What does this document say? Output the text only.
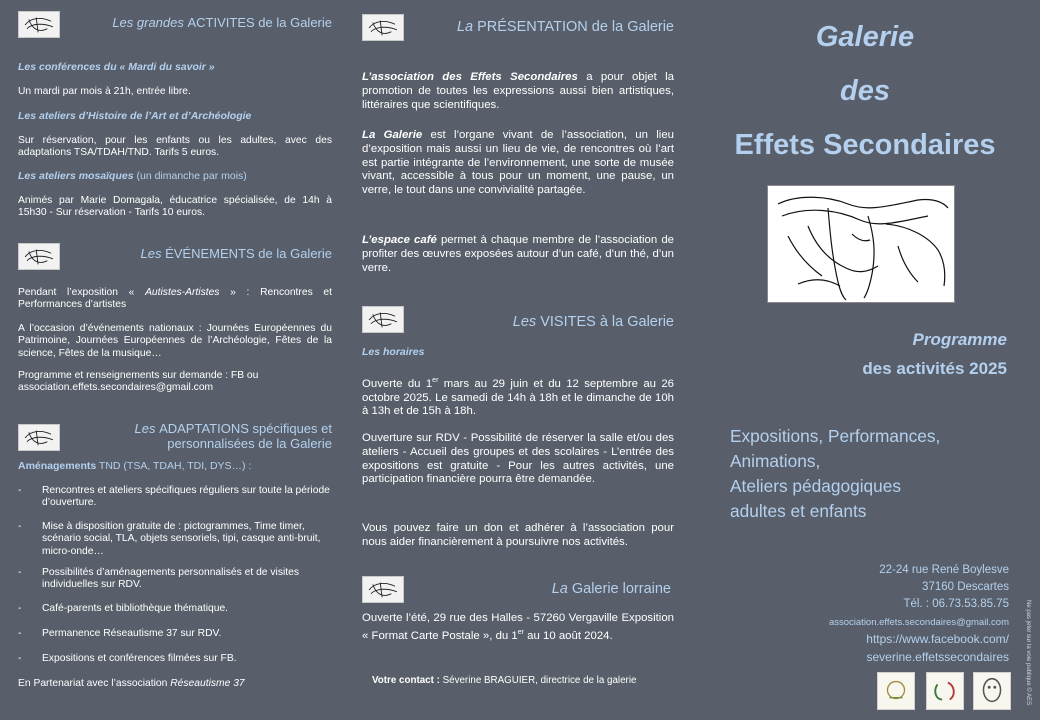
Les grandes ACTIVITES de la Galerie
Les conférences du « Mardi du savoir »
Un mardi par mois à 21h, entrée libre.
Les ateliers d’Histoire de l’Art et d’Archéologie
Sur réservation, pour les enfants ou les adultes, avec des adaptations TSA/TDAH/TND. Tarifs 5 euros.
Les ateliers mosaïques (un dimanche par mois)
Animés par Marie Domagala, éducatrice spécialisée, de 14h à 15h30 - Sur réservation - Tarifs 10 euros.
Les ÉVÉNEMENTS de la Galerie
Pendant l’exposition « Autistes-Artistes » : Rencontres et Performances d’artistes
A l’occasion d’événements nationaux : Journées Européennes du Patrimoine, Journées Européennes de l’Archéologie, Fêtes de la science, Fêtes de la musique…
Programme et renseignements sur demande : FB ou association.effets.secondaires@gmail.com
Les ADAPTATIONS spécifiques et personnalisées de la Galerie
Aménagements TND (TSA, TDAH, TDI, DYS…) :
- Rencontres et ateliers spécifiques réguliers sur toute la période d’ouverture.
- Mise à disposition gratuite de : pictogrammes, Time timer, scénario social, TLA, objets sensoriels, tipi, casque anti-bruit, micro-onde…
- Possibilités d’aménagements personnalisés et de visites individuelles sur RDV.
- Café-parents et bibliothèque thématique.
- Permanence Réseautisme 37 sur RDV.
- Expositions et conférences filmées sur FB.
En Partenariat avec l’association Réseautisme 37
La PRÉSENTATION de la Galerie
L’association des Effets Secondaires a pour objet la promotion de toutes les expressions aussi bien artistiques, littéraires que scientifiques.
La Galerie est l’organe vivant de l’association, un lieu d’exposition mais aussi un lieu de vie, de rencontres où l’art est partie intégrante de l’environnement, une sorte de musée vivant, accessible à tous pour un moment, une pause, un verre, le tout dans une convivialité partagée.
L’espace café permet à chaque membre de l’association de profiter des œuvres exposées autour d’un café, d’un thé, d’un verre.
Les VISITES à la Galerie
Les horaires
Ouverte du 1er mars au 29 juin et du 12 septembre au 26 octobre 2025. Le samedi de 14h à 18h et le dimanche de 10h à 13h et de 15h à 18h.
Ouverture sur RDV - Possibilité de réserver la salle et/ou des ateliers - Accueil des groupes et des scolaires - L’entrée des expositions est gratuite - Pour les autres activités, une participation financière pourra être demandée.
Vous pouvez faire un don et adhérer à l’association pour nous aider financièrement à poursuivre nos activités.
La Galerie lorraine
Ouverte l’été, 29 rue des Halles - 57260 Vergaville Exposition « Format Carte Postale », du 1er au 10 août 2024.
Votre contact : Séverine BRAGUIER, directrice de la galerie
Galerie
des
Effets Secondaires
Programme
des activités 2025
Expositions, Performances,
Animations,
Ateliers pédagogiques
adultes et enfants
22-24 rue René Boylesve
37160 Descartes
Tél. : 06.73.53.85.75
association.effets.secondaires@gmail.com
https://www.facebook.com/
severine.effetssecondaires	Ne pas jeter sur la voie publique © AES
